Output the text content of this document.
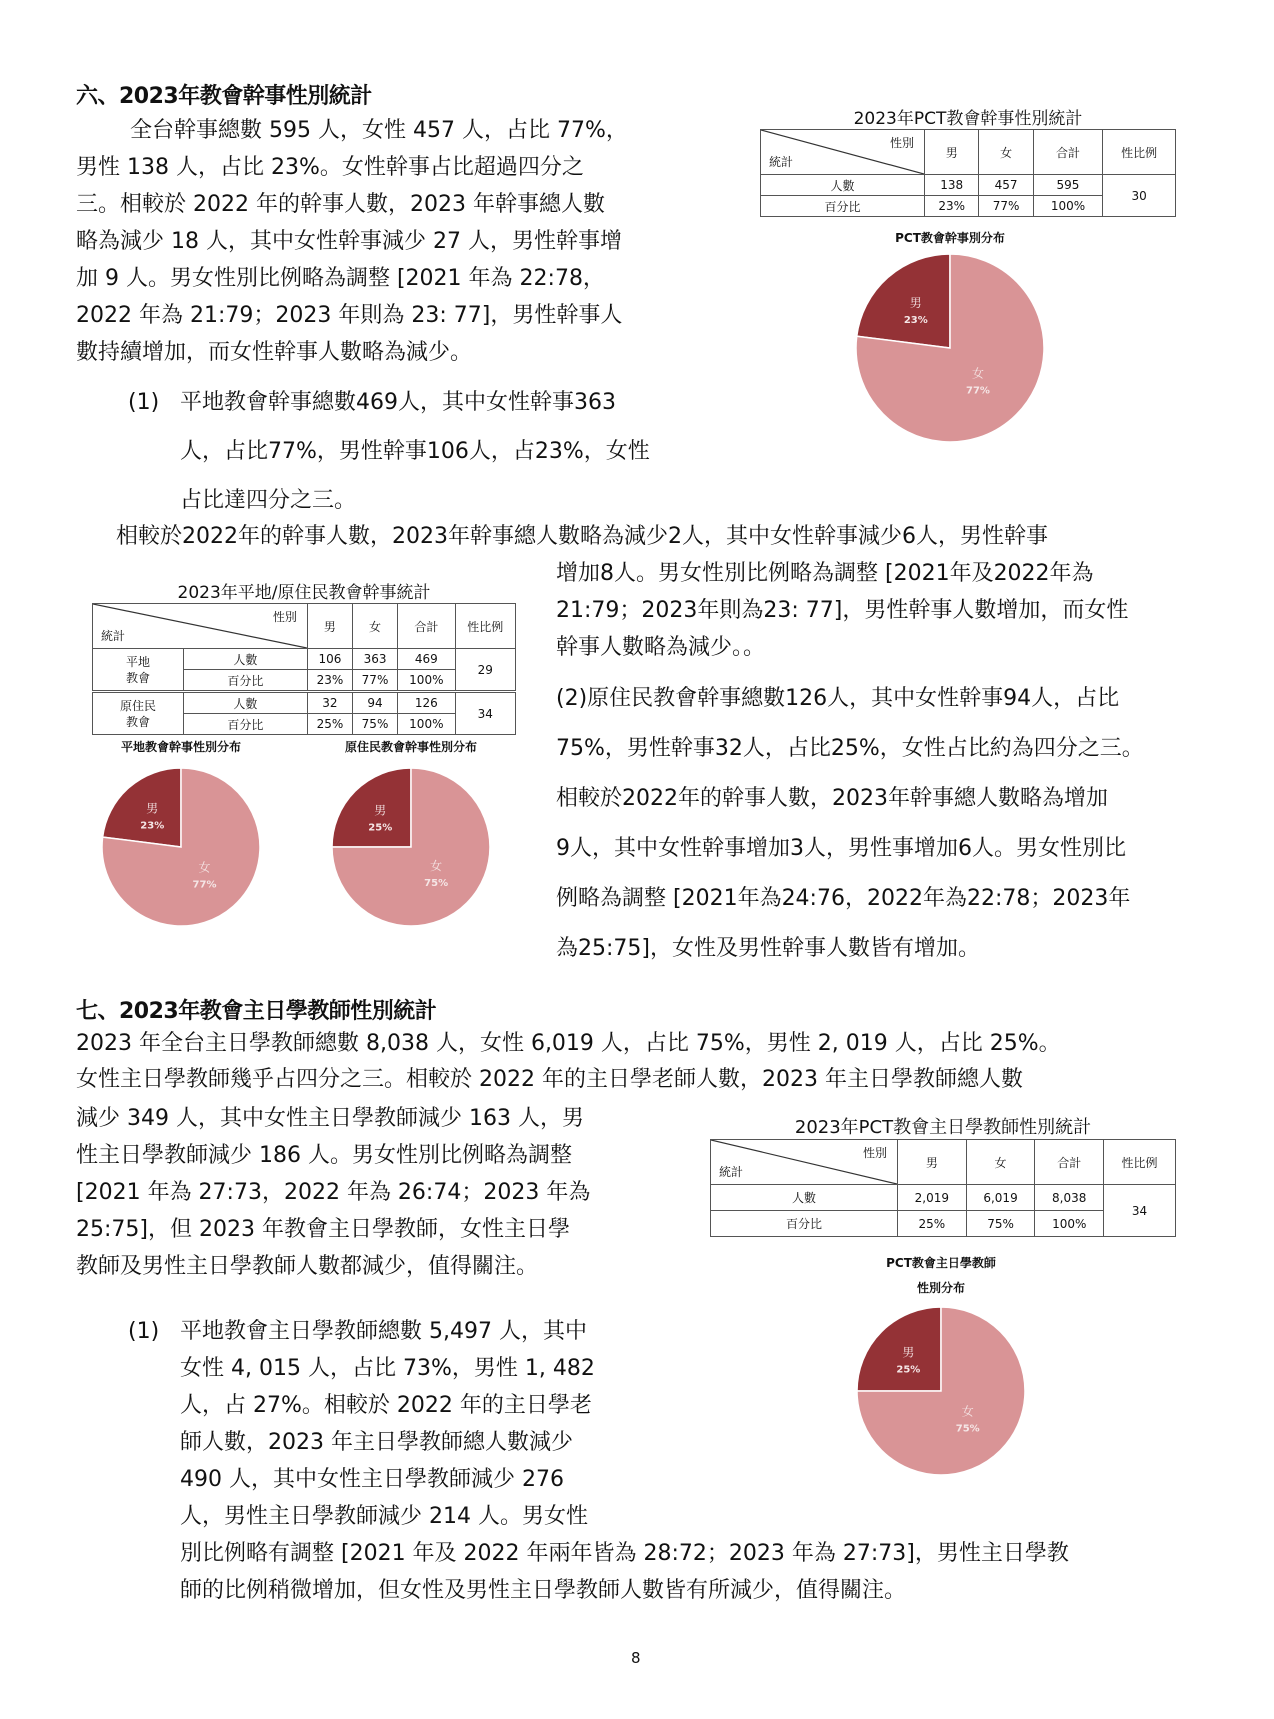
六、2023年教會幹事性別統計

全台幹事總數 595 人，女性 457 人，占比 77%，

男性 138 人，占比 23%。女性幹事占比超過四分之

三。相較於 2022 年的幹事人數，2023 年幹事總人數

略為減少 18 人，其中女性幹事減少 27 人，男性幹事增

加 9 人。男女性別比例略為調整 [2021 年為 22:78，

2022 年為 21:79；2023 年則為 23: 77]，男性幹事人

數持續增加，而女性幹事人數略為減少。

(1) 平地教會幹事總數469人，其中女性幹事363

人，占比77%，男性幹事106人，占23%，女性

占比達四分之三。

相較於2022年的幹事人數，2023年幹事總人數略為減少2人，其中女性幹事減少6人，男性幹事

增加8人。男女性別比例略為調整 [2021年及2022年為

21:79；2023年則為23: 77]，男性幹事人數增加，而女性

幹事人數略為減少。。

(2)原住民教會幹事總數126人，其中女性幹事94人，占比

75%，男性幹事32人，占比25%，女性占比約為四分之三。

相較於2022年的幹事人數，2023年幹事總人數略為增加

9人，其中女性幹事增加3人，男性事增加6人。男女性別比

例略為調整 [2021年為24:76，2022年為22:78；2023年

為25:75]，女性及男性幹事人數皆有增加。

2023年PCT教會幹事性別統計
性別
統計	男	女	合計	性比例
人數	138	457	595	30
百分比	23%	77%	100%	
PCT教會幹事別分布
男
23%
女
77%
2023年平地/原住民教會幹事統計
性別
統計		男	女	合計	性比例
平地
教會	人數	106	363	469	29
	百分比	23%	77%	100%	
原住民
教會	人數	32	94	126	34
	百分比	25%	75%	100%	
平地教會幹事性別分布
男
23%
女
77%
原住民教會幹事性別分布
男
25%
女
75%
七、2023年教會主日學教師性別統計

2023 年全台主日學教師總數 8,038 人，女性 6,019 人，占比 75%，男性 2, 019 人，占比 25%。

女性主日學教師幾乎占四分之三。相較於 2022 年的主日學老師人數，2023 年主日學教師總人數

減少 349 人，其中女性主日學教師減少 163 人，男

性主日學教師減少 186 人。男女性別比例略為調整

[2021 年為 27:73，2022 年為 26:74；2023 年為

25:75]，但 2023 年教會主日學教師，女性主日學

教師及男性主日學教師人數都減少，值得關注。

(1) 平地教會主日學教師總數 5,497 人，其中

女性 4, 015 人，占比 73%，男性 1, 482

人，占 27%。相較於 2022 年的主日學老

師人數，2023 年主日學教師總人數減少

490 人，其中女性主日學教師減少 276

人，男性主日學教師減少 214 人。男女性

別比例略有調整 [2021 年及 2022 年兩年皆為 28:72；2023 年為 27:73]，男性主日學教

師的比例稍微增加，但女性及男性主日學教師人數皆有所減少，值得關注。

2023年PCT教會主日學教師性別統計
性別
統計	男	女	合計	性比例
人數	2,019	6,019	8,038	34
百分比	25%	75%	100%	
PCT教會主日學教師
性別分布
男
25%
女
75%
8
